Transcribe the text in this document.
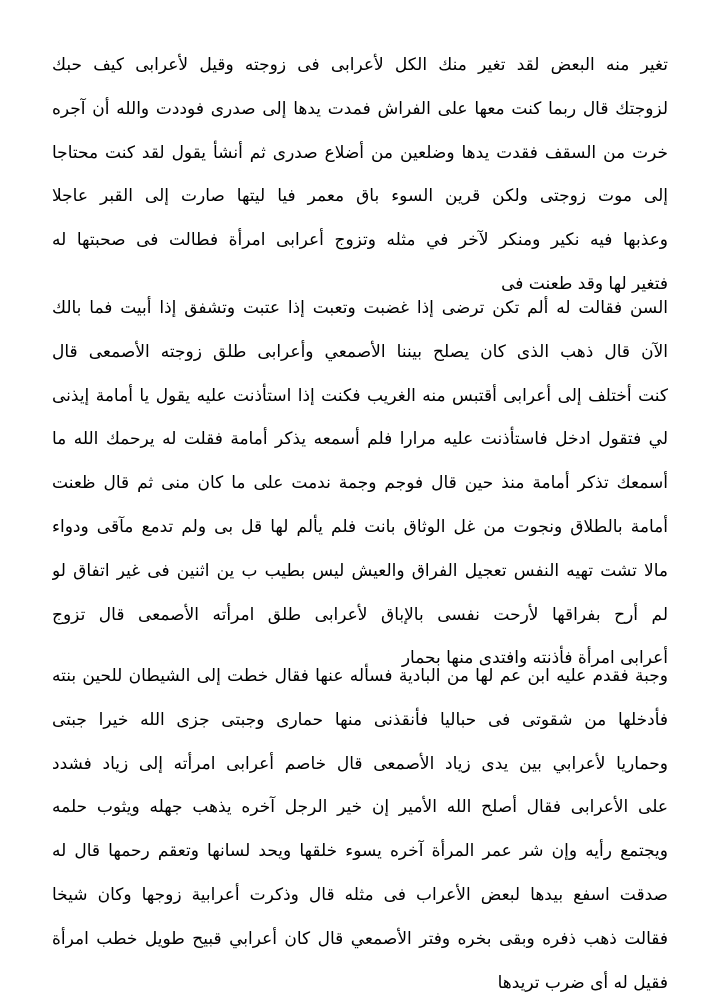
تغير منه البعض لقد تغير منك الكل لأعرابى فى زوجته وقيل لأعرابى كيف حبك
لزوجتك قال ربما كنت معها على الفراش فمدت يدها إلى صدرى فوددت والله أن آجره
خرت من السقف فقدت يدها وضلعين من أضلاع صدرى ثم أنشأ يقول لقد كنت محتاجا
إلى موت زوجتى ولكن قرين السوء باق معمر فيا ليتها صارت إلى القبر عاجلا
وعذبها فيه نكير ومنكر لآخر في مثله وتزوج أعرابى امرأة فطالت فى صحبتها له
فتغير لها وقد طعنت فى
السن فقالت له ألم تكن ترضى إذا غضبت وتعبت إذا عتبت وتشفق إذا أبيت فما بالك
الآن قال ذهب الذى كان يصلح بيننا الأصمعي وأعرابى طلق زوجته الأصمعى قال
كنت أختلف إلى أعرابى أقتبس منه الغريب فكنت إذا استأذنت عليه يقول يا أمامة إيذنى
لي فتقول ادخل فاستأذنت عليه مرارا فلم أسمعه يذكر أمامة فقلت له يرحمك الله ما
أسمعك تذكر أمامة منذ حين قال فوجم وجمة ندمت على ما كان منى ثم قال ظعنت
أمامة بالطلاق ونجوت من غل الوثاق بانت فلم يألم لها قل بى ولم تدمع مآقى ودواء
مالا تشت تهيه النفس تعجيل الفراق والعيش ليس بطيب ب ين اثنين فى غير اتفاق لو
لم أرح بفراقها لأرحت نفسى بالإباق لأعرابى طلق امرأته الأصمعى قال تزوج
أعرابى امرأة فأذنته وافتدى منها بحمار
وجبة فقدم عليه ابن عم لها من البادية فسأله عنها فقال خطت إلى الشيطان للحين بنته
فأدخلها من شقوتى فى حباليا فأنقذنى منها حمارى وجبتى جزى الله خيرا جبتى
وحماريا لأعرابي بين يدى زياد الأصمعى قال خاصم أعرابى امرأته إلى زياد فشدد
على الأعرابى فقال أصلح الله الأمير إن خير الرجل آخره يذهب جهله ويثوب حلمه
ويجتمع رأيه وإن شر عمر المرأة آخره يسوء خلقها ويحد لسانها وتعقم رحمها قال له
صدقت اسفع بيدها لبعض الأعراب فى مثله قال وذكرت أعرابية زوجها وكان شيخا
فقالت ذهب ذفره وبقى بخره وفتر الأصمعي قال كان أعرابي قبيح طويل خطب امرأة
فقيل له أى ضرب تريدها
